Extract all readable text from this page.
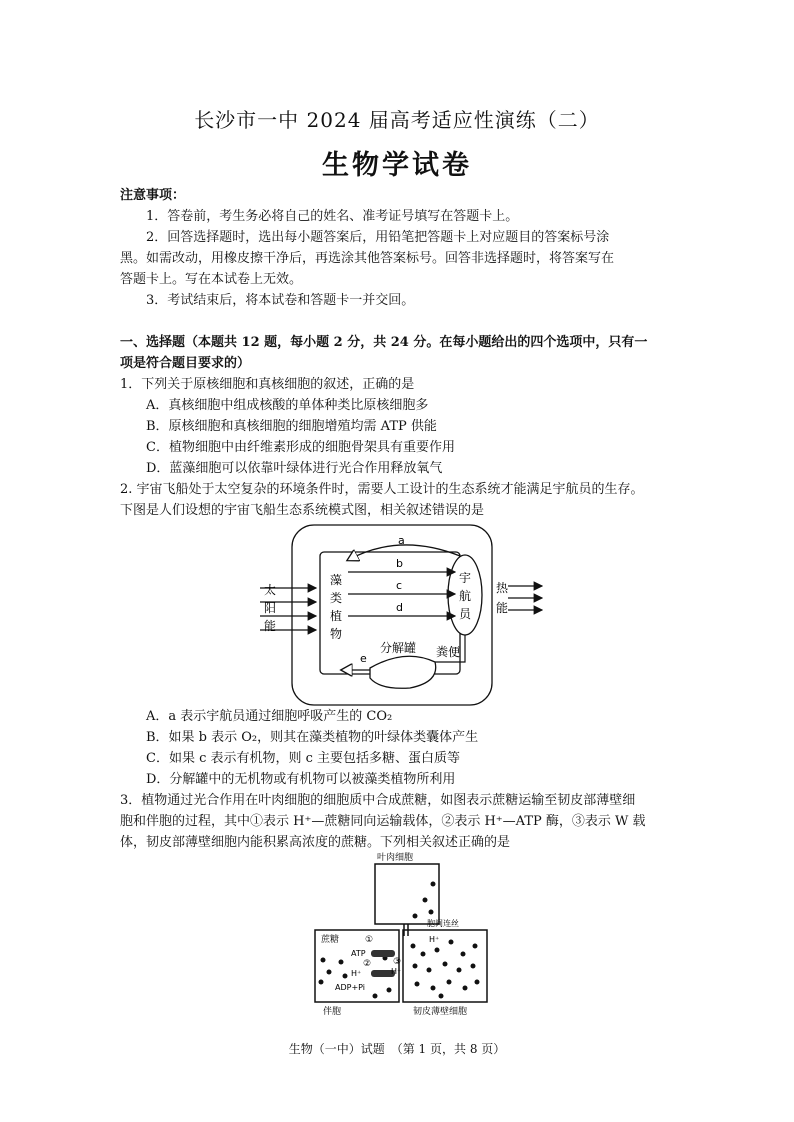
长沙市一中 2024 届高考适应性演练（二）
生物学试卷
注意事项：
1．答卷前，考生务必将自己的姓名、准考证号填写在答题卡上。
2．回答选择题时，选出每小题答案后，用铅笔把答题卡上对应题目的答案标号涂
黑。如需改动，用橡皮擦干净后，再选涂其他答案标号。回答非选择题时，将答案写在
答题卡上。写在本试卷上无效。
3．考试结束后，将本试卷和答题卡一并交回。
一、选择题（本题共 12 题，每小题 2 分，共 24 分。在每小题给出的四个选项中，只有一
项是符合题目要求的）
1．下列关于原核细胞和真核细胞的叙述，正确的是
A．真核细胞中组成核酸的单体种类比原核细胞多
B．原核细胞和真核细胞的细胞增殖均需 ATP 供能
C．植物细胞中由纤维素形成的细胞骨架具有重要作用
D．蓝藻细胞可以依靠叶绿体进行光合作用释放氧气
2. 宇宙飞船处于太空复杂的环境条件时，需要人工设计的生态系统才能满足宇航员的生存。
下图是人们设想的宇宙飞船生态系统模式图，相关叙述错误的是
太
阳
能
藻
类
植
物
a
b
c
d
宇
航
员
热
能
分解罐 粪便
e
A．a 表示宇航员通过细胞呼吸产生的 CO₂
B．如果 b 表示 O₂，则其在藻类植物的叶绿体类囊体产生
C．如果 c 表示有机物，则 c 主要包括多糖、蛋白质等
D．分解罐中的无机物或有机物可以被藻类植物所利用
3．植物通过光合作用在叶肉细胞的细胞质中合成蔗糖，如图表示蔗糖运输至韧皮部薄壁细
胞和伴胞的过程，其中①表示 H⁺—蔗糖同向运输载体，②表示 H⁺—ATP 酶，③表示 W 载
体，韧皮部薄壁细胞内能积累高浓度的蔗糖。下列相关叙述正确的是
叶肉细胞
胞间连丝
蔗糖	①
ATP
②
H⁺
ADP+Pi
H⁺
③
H⁺
伴胞	韧皮薄壁细胞
生物（一中）试题　（第 1 页，共 8 页）
